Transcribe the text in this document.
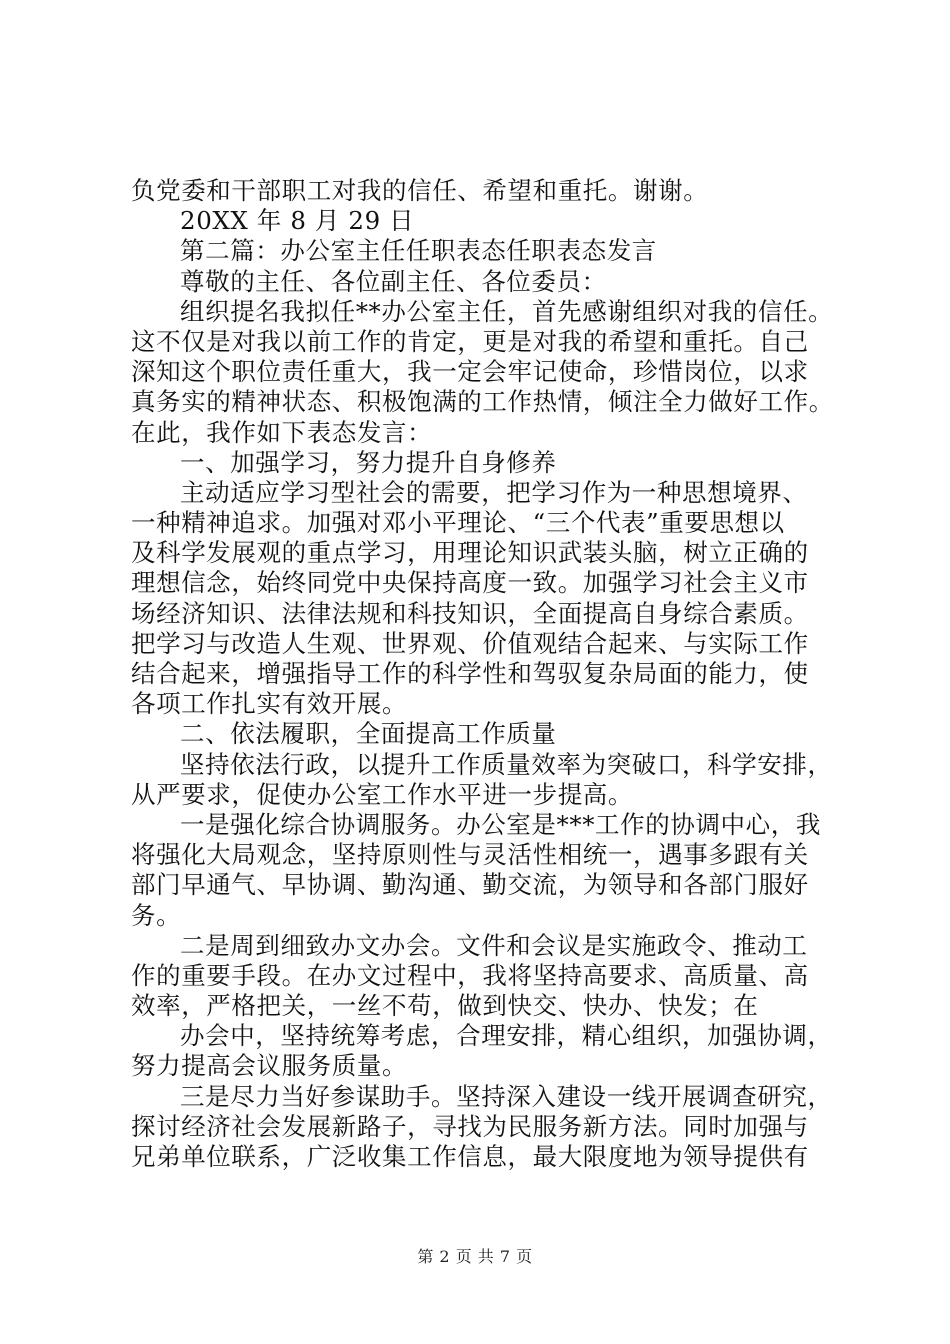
负党委和干部职工对我的信任、希望和重托。谢谢。
20XX 年 8 月 29 日
第二篇：办公室主任任职表态任职表态发言
尊敬的主任、各位副主任、各位委员：
组织提名我拟任**办公室主任，首先感谢组织对我的信任。
这不仅是对我以前工作的肯定，更是对我的希望和重托。自己
深知这个职位责任重大，我一定会牢记使命，珍惜岗位，以求
真务实的精神状态、积极饱满的工作热情，倾注全力做好工作。
在此，我作如下表态发言：
一、加强学习，努力提升自身修养
主动适应学习型社会的需要，把学习作为一种思想境界、
一种精神追求。加强对邓小平理论、“三个代表”重要思想以
及科学发展观的重点学习，用理论知识武装头脑，树立正确的
理想信念，始终同党中央保持高度一致。加强学习社会主义市
场经济知识、法律法规和科技知识，全面提高自身综合素质。
把学习与改造人生观、世界观、价值观结合起来、与实际工作
结合起来，增强指导工作的科学性和驾驭复杂局面的能力，使
各项工作扎实有效开展。
二、依法履职，全面提高工作质量
坚持依法行政，以提升工作质量效率为突破口，科学安排，
从严要求，促使办公室工作水平进一步提高。
一是强化综合协调服务。办公室是***工作的协调中心，我
将强化大局观念，坚持原则性与灵活性相统一，遇事多跟有关
部门早通气、早协调、勤沟通、勤交流，为领导和各部门服好
务。
二是周到细致办文办会。文件和会议是实施政令、推动工
作的重要手段。在办文过程中，我将坚持高要求、高质量、高
效率，严格把关，一丝不苟，做到快交、快办、快发；在
办会中，坚持统筹考虑，合理安排，精心组织，加强协调，
努力提高会议服务质量。
三是尽力当好参谋助手。坚持深入建设一线开展调查研究，
探讨经济社会发展新路子，寻找为民服务新方法。同时加强与
兄弟单位联系，广泛收集工作信息，最大限度地为领导提供有
第 2 页 共 7 页
